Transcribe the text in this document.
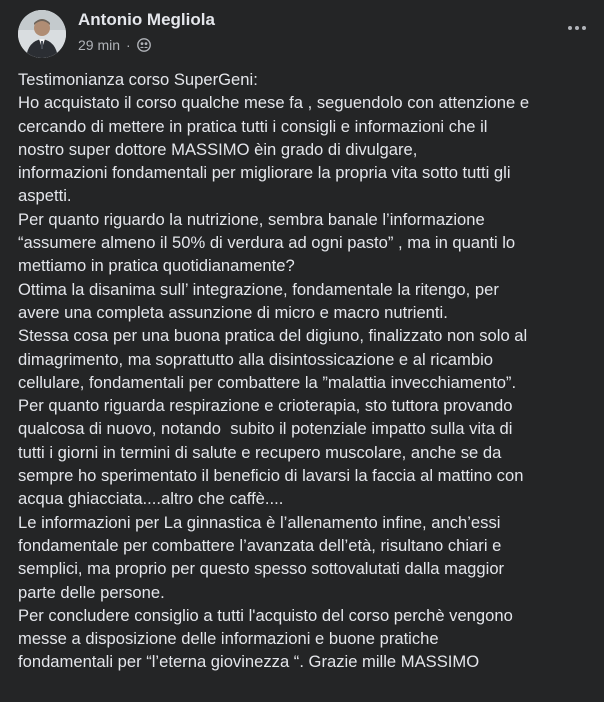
Antonio Megliola
29 min ·
Testimonianza corso SuperGeni:
Ho acquistato il corso qualche mese fa , seguendolo con attenzione e
cercando di mettere in pratica tutti i consigli e informazioni che il
nostro super dottore MASSIMO èin grado di divulgare,
informazioni fondamentali per migliorare la propria vita sotto tutti gli
aspetti.
Per quanto riguardo la nutrizione, sembra banale l’informazione
“assumere almeno il 50% di verdura ad ogni pasto” , ma in quanti lo
mettiamo in pratica quotidianamente?
Ottima la disanima sull’ integrazione, fondamentale la ritengo, per
avere una completa assunzione di micro e macro nutrienti.
Stessa cosa per una buona pratica del digiuno, finalizzato non solo al
dimagrimento, ma soprattutto alla disintossicazione e al ricambio
cellulare, fondamentali per combattere la ”malattia invecchiamento”.
Per quanto riguarda respirazione e crioterapia, sto tuttora provando
qualcosa di nuovo, notando  subito il potenziale impatto sulla vita di
tutti i giorni in termini di salute e recupero muscolare, anche se da
sempre ho sperimentato il beneficio di lavarsi la faccia al mattino con
acqua ghiacciata....altro che caffè....
Le informazioni per La ginnastica è l’allenamento infine, anch’essi
fondamentale per combattere l’avanzata dell’età, risultano chiari e
semplici, ma proprio per questo spesso sottovalutati dalla maggior
parte delle persone.
Per concludere consiglio a tutti l'acquisto del corso perchè vengono
messe a disposizione delle informazioni e buone pratiche
fondamentali per “l’eterna giovinezza “. Grazie mille MASSIMO
